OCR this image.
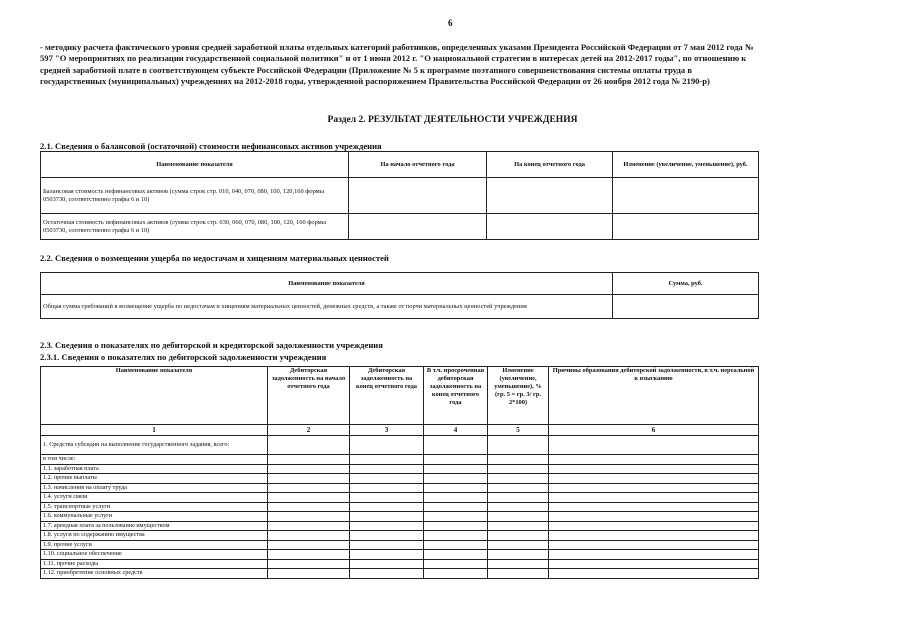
6
- методику расчета фактического уровня средней заработной платы отдельных категорий работников, определенных указами Президента Российской Федерации от 7 мая 2012 года № 597 "О мероприятиях по реализации государственной социальной политики" и от 1 июня 2012 г. "О национальной стратегии в интересах детей на 2012-2017 годы", по отношению к средней заработной плате в соответствующем субъекте Российской Федерации (Приложение № 5 к программе поэтапного совершенствования системы оплаты труда в государственных (муниципальных) учреждениях на 2012-2018 годы, утвержденной распоряжением Правительства Российской Федерации от 26 ноября 2012 года № 2190-р)
Раздел 2. РЕЗУЛЬТАТ ДЕЯТЕЛЬНОСТИ УЧРЕЖДЕНИЯ
2.1. Сведения о балансовой (остаточной) стоимости нефинансовых активов учреждения
Наименование показателя	На начало отчетного года	На конец отчетного года	Изменение (увеличение, уменьшение), руб.
Балансовая стоимость нефинансовых активов (сумма строк стр. 010, 040, 070, 080, 100, 120,160 формы 0503730, соответственно графы 6 и 10)			
Остаточная стоимость нефинансовых активов (сумма строк стр. 030, 060, 070, 080, 100, 120, 160 формы 0503730, соответственно графы 6 и 10)			
2.2. Сведения о возмещении ущерба по недостачам и хищениям материальных ценностей
Наименование показателя	Сумма, руб.
Общая сумма требований в возмещение ущерба по недостачам и хищениям материальных ценностей, денежных средств, а также от порчи материальных ценностей учреждения	
2.3. Сведения о показателях по дебиторской и кредиторской задолженности учреждения
2.3.1. Сведения о показателях по дебиторской задолженности учреждения
Наименование показателя	Дебиторская задолженность на начало отчетного года	Дебиторская задолженность на конец отчетного года	В т.ч. просроченная дебиторская задолженность на конец отчетного года	Изменение (увеличение, уменьшение), % (гр. 5 = гр. 3/ гр. 2*100)	Причины образования дебиторской задолженности, в т.ч. нереальной к взысканию
1	2	3	4	5	6
1. Средства субсидии на выполнение государственного задания, всего:					
в том числе:					
1.1. заработная плата					
1.2. прочие выплаты					
1.3. начисления на оплату труда					
1.4. услуги связи					
1.5. транспортные услуги					
1.6. коммунальные услуги					
1.7. арендная плата за пользование имуществом					
1.8. услуги по содержанию имущества					
1.9. прочие услуги					
1.10. социальное обеспечение					
1.11. прочие расходы					
1.12. приобретение основных средств					
